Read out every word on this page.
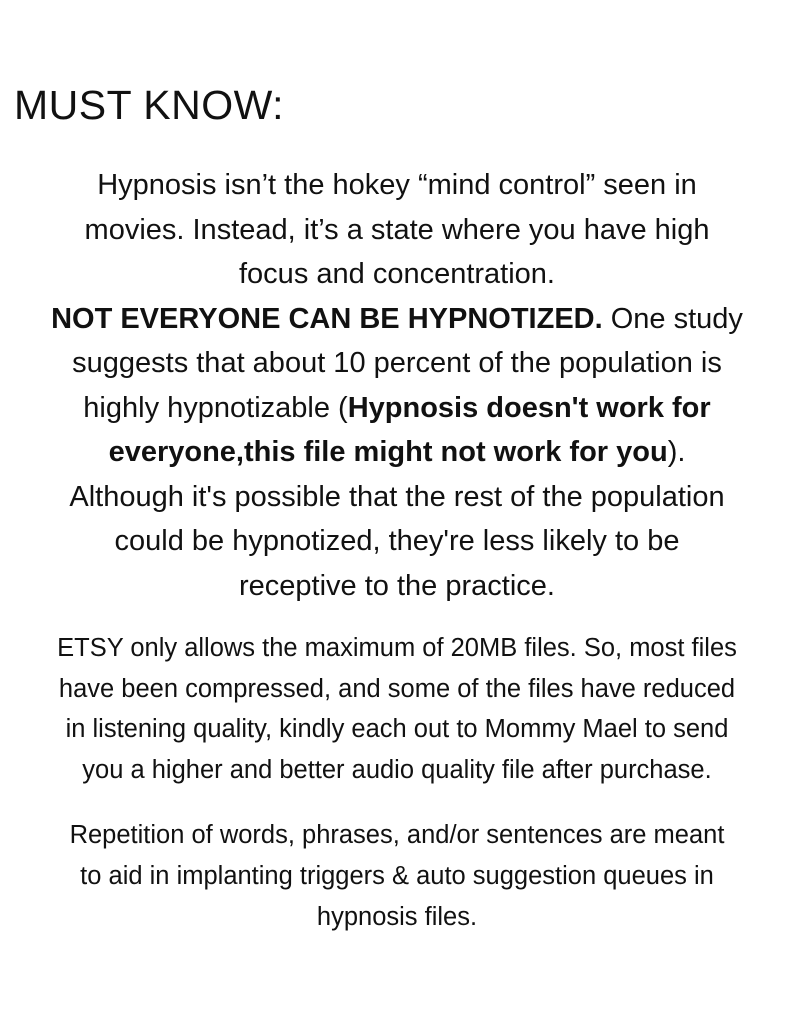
MUST KNOW:
Hypnosis isn’t the hokey “mind control” seen in
movies. Instead, it’s a state where you have high
focus and concentration.
NOT EVERYONE CAN BE HYPNOTIZED. One study
suggests that about 10 percent of the population is
highly hypnotizable (Hypnosis doesn't work for
everyone,this file might not work for you).
Although it's possible that the rest of the population
could be hypnotized, they're less likely to be
receptive to the practice.
ETSY only allows the maximum of 20MB files. So, most files
have been compressed, and some of the files have reduced
in listening quality, kindly each out to Mommy Mael to send
you a higher and better audio quality file after purchase.
Repetition of words, phrases, and/or sentences are meant
to aid in implanting triggers & auto suggestion queues in
hypnosis files.
